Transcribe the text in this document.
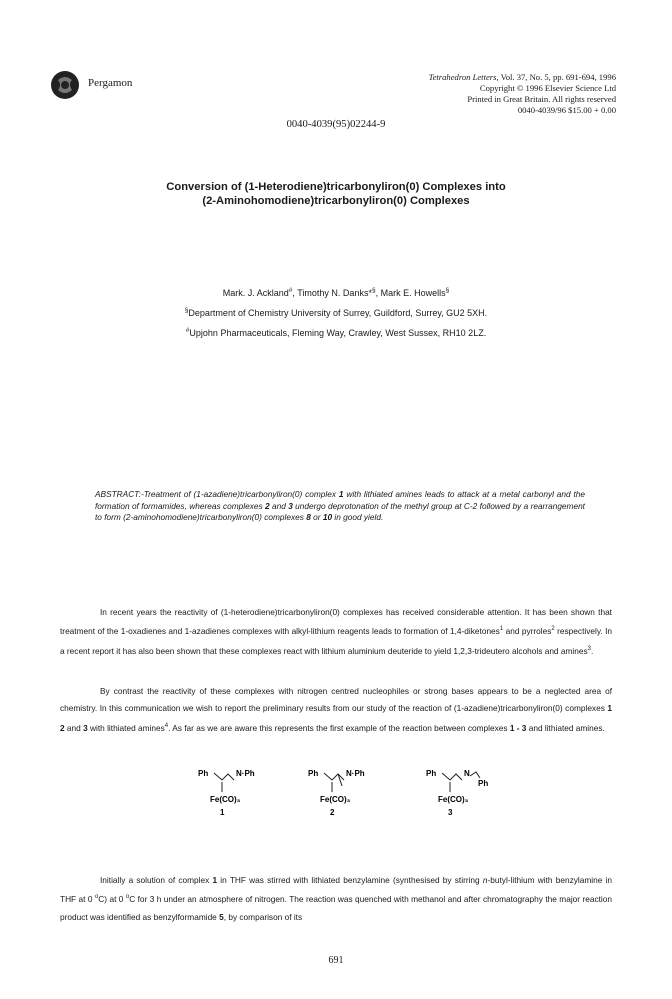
Pergamon	Tetrahedron Letters, Vol. 37, No. 5, pp. 691-694, 1996
Copyright © 1996 Elsevier Science Ltd
Printed in Great Britain. All rights reserved
0040-4039/96 $15.00 + 0.00
0040-4039(95)02244-9
Conversion of (1-Heterodiene)tricarbonyliron(0) Complexes into
(2-Aminohomodiene)tricarbonyliron(0) Complexes
Mark. J. Ackland#, Timothy N. Danks*§, Mark E. Howells§
§Department of Chemistry University of Surrey, Guildford, Surrey, GU2 5XH.
#Upjohn Pharmaceuticals, Fleming Way, Crawley, West Sussex, RH10 2LZ.
ABSTRACT:-Treatment of (1-azadiene)tricarbonyliron(0) complex 1 with lithiated amines leads to attack at a metal carbonyl and the formation of formamides, whereas complexes 2 and 3 undergo deprotonation of the methyl group at C-2 followed by a rearrangement to form (2-aminohomodiene)tricarbonyliron(0) complexes 8 or 10 in good yield.
In recent years the reactivity of (1-heterodiene)tricarbonyliron(0) complexes has received considerable attention. It has been shown that treatment of the 1-oxadienes and 1-azadienes complexes with alkyl-lithium reagents leads to formation of 1,4-diketones$^1$ and pyrroles$^2$ respectively. In a recent report it has also been shown that these complexes react with lithium aluminium deuteride to yield 1,2,3-trideutero alcohols and amines$^3$.
By contrast the reactivity of these complexes with nitrogen centred nucleophiles or strong bases appears to be a neglected area of chemistry. In this communication we wish to report the preliminary results from our study of the reaction of (1-azadiene)tricarbonyliron(0) complexes 1 2 and 3 with lithiated amines$^4$. As far as we are aware this represents the first example of the reaction between complexes 1 - 3 and lithiated amines.
Ph	N·Ph
Fe(CO)₃
1
Ph	N·Ph
Fe(CO)₃
2
Ph	N
Ph
Fe(CO)₃
3
Initially a solution of complex 1 in THF was stirred with lithiated benzylamine (synthesised by stirring n-butyl-lithium with benzylamine in THF at 0 $^o$C) at 0 $^o$C for 3 h under an atmosphere of nitrogen. The reaction was quenched with methanol and after chromatography the major reaction product was identified as benzylformamide 5, by comparison of its
691
